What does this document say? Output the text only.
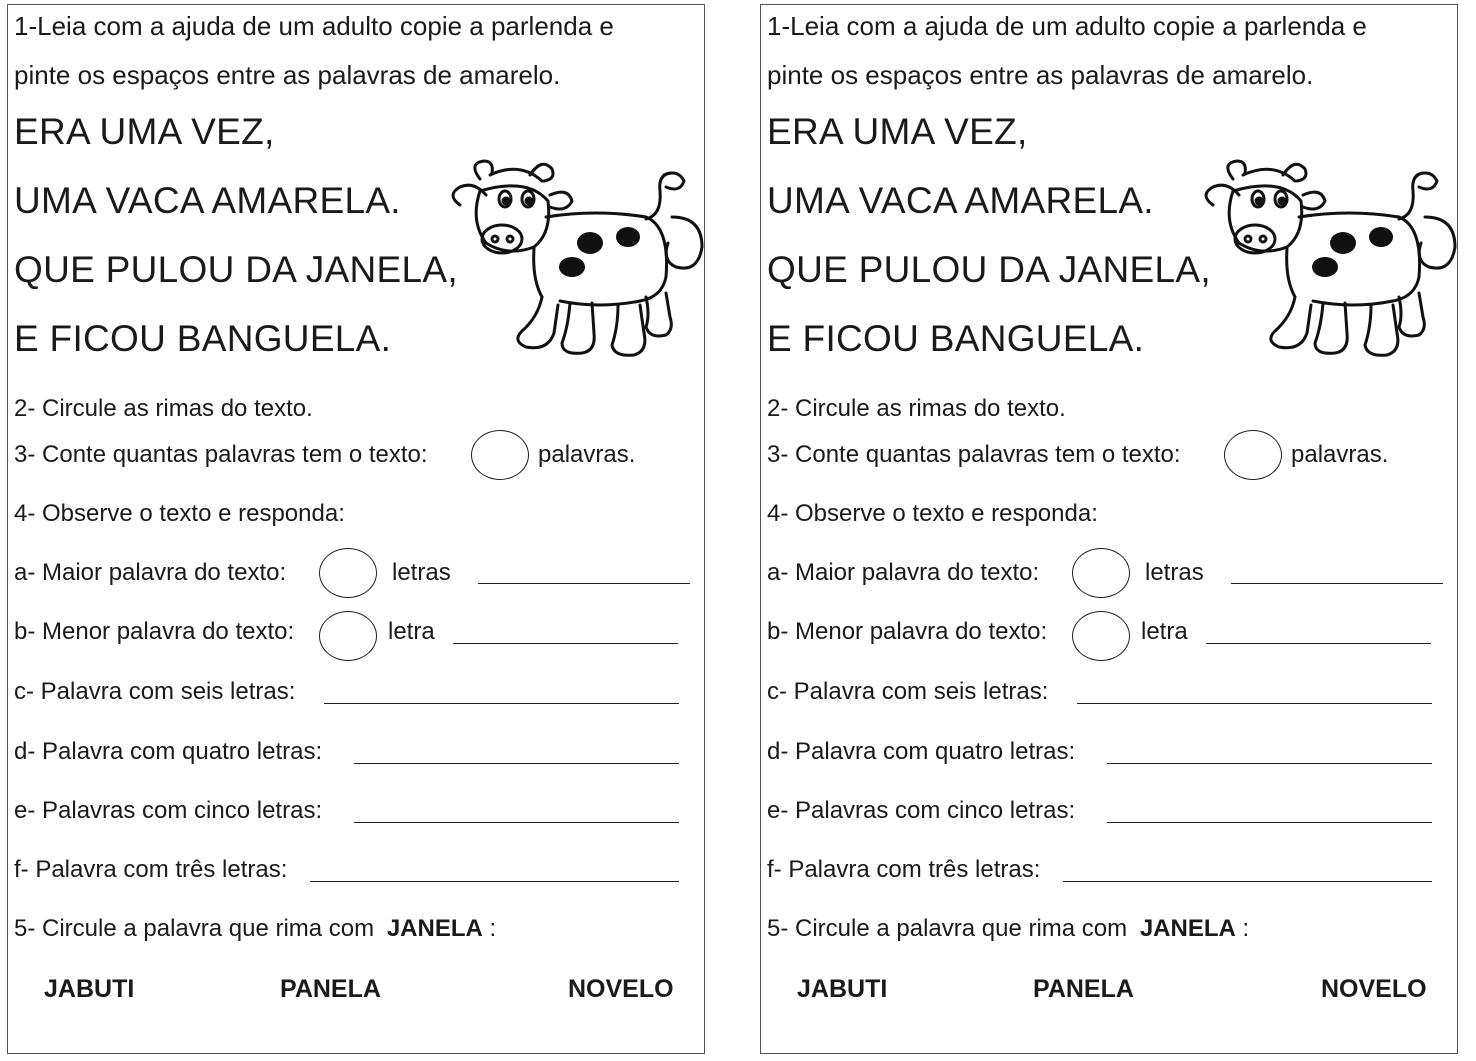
1-Leia com a ajuda de um adulto copie a parlenda e
pinte os espaços entre as palavras de amarelo.
ERA UMA VEZ,
UMA VACA AMARELA.
QUE PULOU DA JANELA,
E FICOU BANGUELA.
2- Circule as rimas do texto.
3- Conte quantas palavras tem o texto:	palavras.
4- Observe o texto e responda:
a- Maior palavra do texto:	letras
b- Menor palavra do texto:	letra
c- Palavra com seis letras:
d- Palavra com quatro letras:
e- Palavras com cinco letras:
f- Palavra com três letras:
5- Circule a palavra que rima com JANELA :
JABUTI	PANELA	NOVELO
1-Leia com a ajuda de um adulto copie a parlenda e
pinte os espaços entre as palavras de amarelo.
ERA UMA VEZ,
UMA VACA AMARELA.
QUE PULOU DA JANELA,
E FICOU BANGUELA.
2- Circule as rimas do texto.
3- Conte quantas palavras tem o texto:	palavras.
4- Observe o texto e responda:
a- Maior palavra do texto:	letras
b- Menor palavra do texto:	letra
c- Palavra com seis letras:
d- Palavra com quatro letras:
e- Palavras com cinco letras:
f- Palavra com três letras:
5- Circule a palavra que rima com JANELA :
JABUTI	PANELA	NOVELO
